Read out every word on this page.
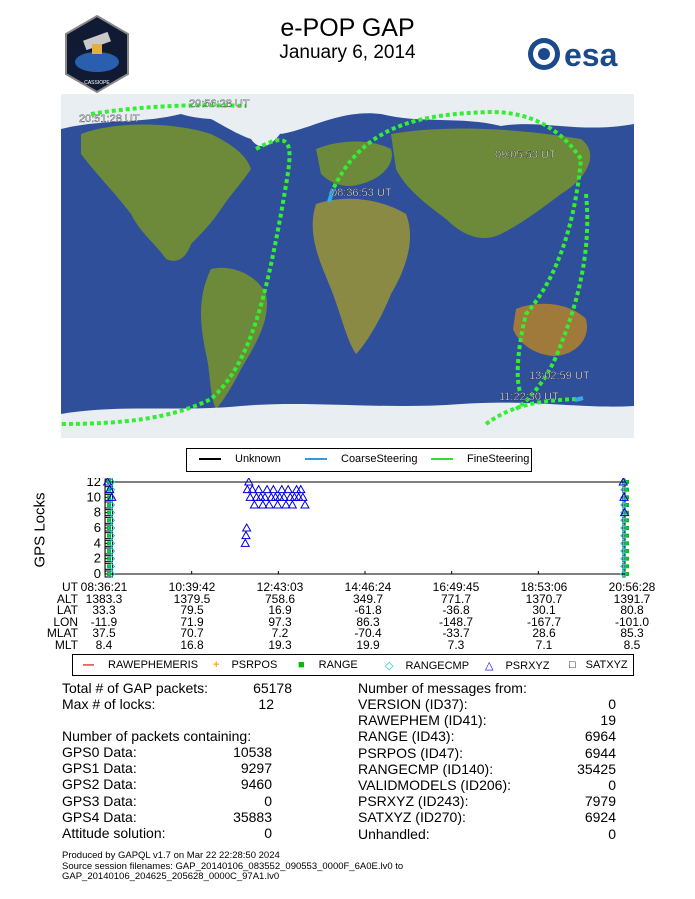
e-POP GAP
January 6, 2014
CASSIOPE
esa
20:56:28 UT
20:51:28 UT
08:36:53 UT
09:05:53 UT
13:02:59 UT
11:22:30 UT
Unknown	CoarseSteering	FineSteering
GPS Locks
0
2
4
6
8
10
12
UT 08:36:21	10:39:42	12:43:03	14:46:24	16:49:45	18:53:06	20:56:28
ALT 1383.3	1379.5	758.6	349.7	771.7	1370.7	1391.7
LAT	33.3	79.5	16.9	-61.8	-36.8	30.1	80.8
LON	-11.9	71.9	97.3	86.3	-148.7	-167.7	-101.0
MLAT	37.5	70.7	7.2	-70.4	-33.7	28.6	85.3
MLT	8.4	16.8	19.3	19.9	7.3	7.1	8.5
— RAWEPHEMERIS + PSRPOS ■ RANGE ◇ RANGECMP △ PSRXYZ □ SATXYZ
Total # of GAP packets:	65178
Max # of locks:	12
Number of packets containing:
GPS0 Data:	10538
GPS1 Data:	9297
GPS2 Data:	9460
GPS3 Data:	0
GPS4 Data:	35883
Attitude solution:	0
Number of messages from:
VERSION (ID37):	0
RAWEPHEM (ID41):	19
RANGE (ID43):	6964
PSRPOS (ID47):	6944
RANGECMP (ID140):	35425
VALIDMODELS (ID206):	0
PSRXYZ (ID243):	7979
SATXYZ (ID270):	6924
Unhandled:	0
Produced by GAPQL v1.7 on Mar 22 22:28:50 2024
Source session filenames: GAP_20140106_083552_090553_0000F_6A0E.lv0 to
GAP_20140106_204625_205628_0000C_97A1.lv0
